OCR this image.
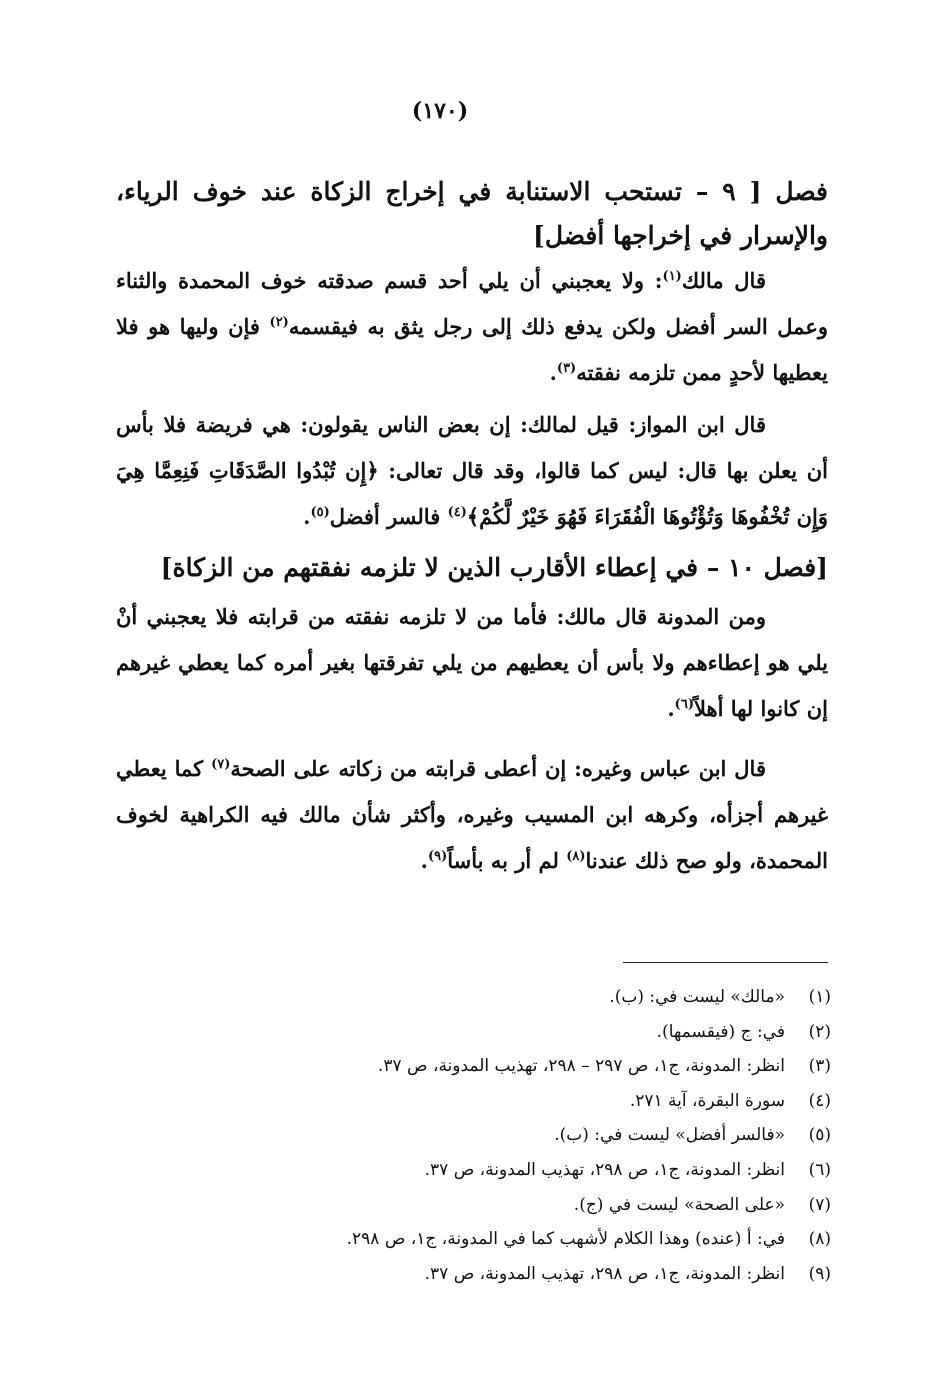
(١٧٠)

فصل [ ٩ – تستحب الاستنابة في إخراج الزكاة عند خوف الرياء، والإسرار في إخراجها أفضل]

قال مالك$^{(١)}$: ولا يعجبني أن يلي أحد قسم صدقته خوف المحمدة والثناء وعمل السر أفضل ولكن يدفع ذلك إلى رجل يثق به فيقسمه$^{(٢)}$ فإن وليها هو فلا يعطيها لأحدٍ ممن تلزمه نفقته$^{(٣)}$.

قال ابن المواز: قيل لمالك: إن بعض الناس يقولون: هي فريضة فلا بأس أن يعلن بها قال: ليس كما قالوا، وقد قال تعالى: ﴿إِن تُبْدُوا الصَّدَقَاتِ فَنِعِمَّا هِيَ وَإِن تُخْفُوهَا وَتُؤْتُوهَا الْفُقَرَاءَ فَهُوَ خَيْرٌ لَّكُمْ﴾$^{(٤)}$ فالسر أفضل$^{(٥)}$.

[فصل ١٠ – في إعطاء الأقارب الذين لا تلزمه نفقتهم من الزكاة]

ومن المدونة قال مالك: فأما من لا تلزمه نفقته من قرابته فلا يعجبني أنْ يلي هو إعطاءهم ولا بأس أن يعطيهم من يلي تفرقتها بغير أمره كما يعطي غيرهم إن كانوا لها أهلاً$^{(٦)}$.

قال ابن عباس وغيره: إن أعطى قرابته من زكاته على الصحة$^{(٧)}$ كما يعطي غيرهم أجزأه، وكرهه ابن المسيب وغيره، وأكثر شأن مالك فيه الكراهية لخوف المحمدة، ولو صح ذلك عندنا$^{(٨)}$ لم أر به بأساً$^{(٩)}$.

(١)«مالك» ليست في: (ب).
(٢)في: ج (فيقسمها).
(٣)انظر: المدونة، ج١، ص ٢٩٧ – ٢٩٨، تهذيب المدونة، ص ٣٧.
(٤)سورة البقرة، آية ٢٧١.
(٥)«فالسر أفضل» ليست في: (ب).
(٦)انظر: المدونة، ج١، ص ٢٩٨، تهذيب المدونة، ص ٣٧.
(٧)«على الصحة» ليست في (ج).
(٨)في: أ (عنده) وهذا الكلام لأشهب كما في المدونة، ج١، ص ٢٩٨.
(٩)انظر: المدونة، ج١، ص ٢٩٨، تهذيب المدونة، ص ٣٧.
